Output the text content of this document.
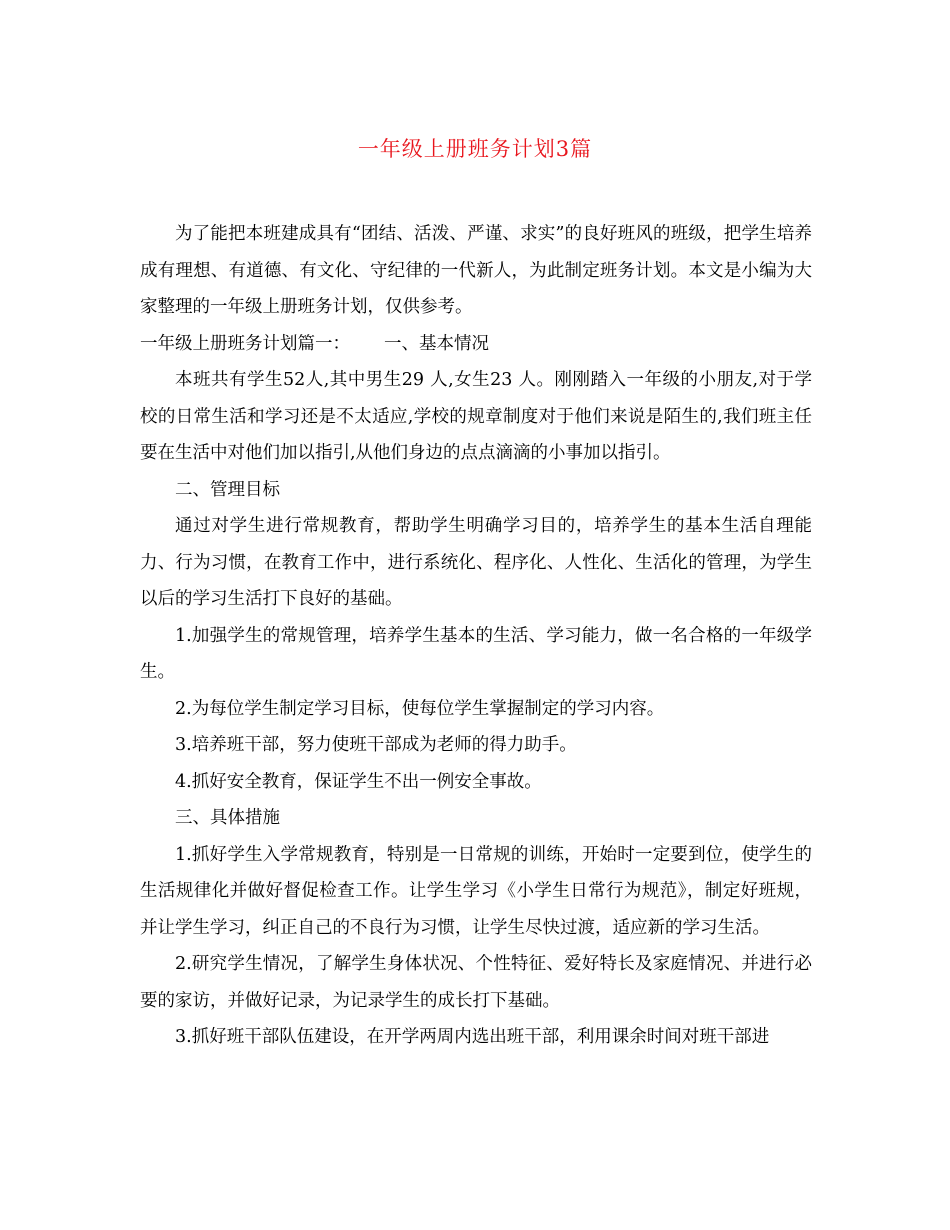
一年级上册班务计划3篇

为了能把本班建成具有“团结、活泼、严谨、求实”的良好班风的班级，把学生培养成有理想、有道德、有文化、守纪律的一代新人，为此制定班务计划。本文是小编为大家整理的一年级上册班务计划，仅供参考。

一年级上册班务计划篇一： 一、基本情况

本班共有学生52人,其中男生29 人,女生23 人。刚刚踏入一年级的小朋友,对于学校的日常生活和学习还是不太适应,学校的规章制度对于他们来说是陌生的,我们班主任要在生活中对他们加以指引,从他们身边的点点滴滴的小事加以指引。

二、管理目标

通过对学生进行常规教育，帮助学生明确学习目的，培养学生的基本生活自理能力、行为习惯，在教育工作中，进行系统化、程序化、人性化、生活化的管理，为学生以后的学习生活打下良好的基础。

1.加强学生的常规管理，培养学生基本的生活、学习能力，做一名合格的一年级学生。

2.为每位学生制定学习目标，使每位学生掌握制定的学习内容。

3.培养班干部，努力使班干部成为老师的得力助手。

4.抓好安全教育，保证学生不出一例安全事故。

三、具体措施

1.抓好学生入学常规教育，特别是一日常规的训练，开始时一定要到位，使学生的生活规律化并做好督促检查工作。让学生学习《小学生日常行为规范》，制定好班规，并让学生学习，纠正自己的不良行为习惯，让学生尽快过渡，适应新的学习生活。

2.研究学生情况，了解学生身体状况、个性特征、爱好特长及家庭情况、并进行必要的家访，并做好记录，为记录学生的成长打下基础。

3.抓好班干部队伍建设，在开学两周内选出班干部，利用课余时间对班干部进
